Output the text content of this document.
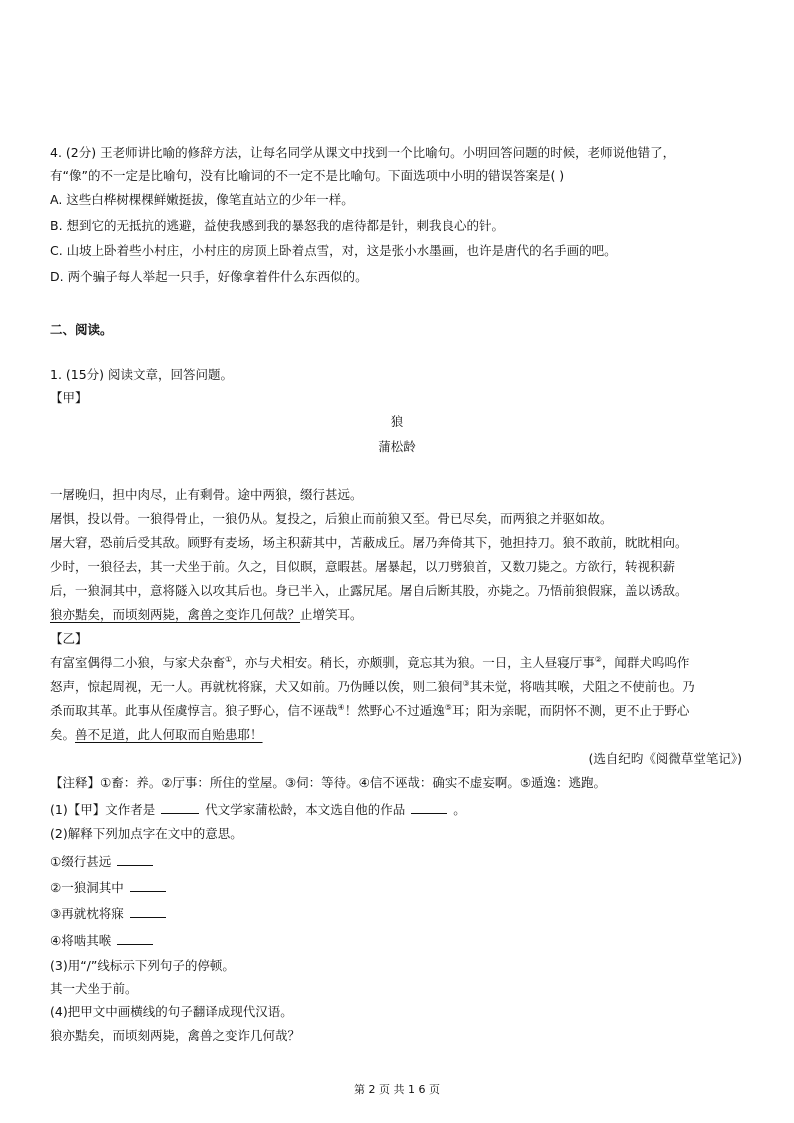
4. (2分) 王老师讲比喻的修辞方法，让每名同学从课文中找到一个比喻句。小明回答问题的时候，老师说他错了，
有“像”的不一定是比喻句，没有比喻词的不一定不是比喻句。下面选项中小明的错误答案是( )
A. 这些白桦树棵棵鲜嫩挺拔，像笔直站立的少年一样。
B. 想到它的无抵抗的逃避，益使我感到我的暴怒我的虐待都是针，刺我良心的针。
C. 山坡上卧着些小村庄，小村庄的房顶上卧着点雪，对，这是张小水墨画，也许是唐代的名手画的吧。
D. 两个骗子每人举起一只手，好像拿着件什么东西似的。
二、阅读。
1. (15分) 阅读文章，回答问题。
【甲】
狼
蒲松龄
一屠晚归，担中肉尽，止有剩骨。途中两狼，缀行甚远。
屠惧，投以骨。一狼得骨止，一狼仍从。复投之，后狼止而前狼又至。骨已尽矣，而两狼之并驱如故。
屠大窘，恐前后受其敌。顾野有麦场，场主积薪其中，苫蔽成丘。屠乃奔倚其下，弛担持刀。狼不敢前，眈眈相向。
少时，一狼径去，其一犬坐于前。久之，目似瞑，意暇甚。屠暴起，以刀劈狼首，又数刀毙之。方欲行，转视积薪
后，一狼洞其中，意将隧入以攻其后也。身已半入，止露尻尾。屠自后断其股，亦毙之。乃悟前狼假寐，盖以诱敌。
狼亦黠矣，而顷刻两毙，禽兽之变诈几何哉？止增笑耳。
【乙】
有富室偶得二小狼，与家犬杂畜①，亦与犬相安。稍长，亦颇驯，竟忘其为狼。一日，主人昼寝厅事②，闻群犬呜呜作
怒声，惊起周视，无一人。再就枕将寐，犬又如前。乃伪睡以俟，则二狼伺③其未觉，将啮其喉，犬阻之不使前也。乃
杀而取其革。此事从侄虞惇言。狼子野心，信不诬哉④！然野心不过遁逸⑤耳；阳为亲昵，而阴怀不测，更不止于野心
矣。兽不足道，此人何取而自贻患耶！
(选自纪昀《阅微草堂笔记》)
【注释】①畜：养。②厅事：所住的堂屋。③伺：等待。④信不诬哉：确实不虚妄啊。⑤遁逸：逃跑。
(1)【甲】文作者是	代文学家蒲松龄，本文选自他的作品	。
(2)解释下列加点字在文中的意思。
①缀行甚远
②一狼洞其中
③再就枕将寐
④将啮其喉
(3)用“/”线标示下列句子的停顿。
其一犬坐于前。
(4)把甲文中画横线的句子翻译成现代汉语。
狼亦黠矣，而顷刻两毙，禽兽之变诈几何哉？
第 2 页 共 1 6 页
